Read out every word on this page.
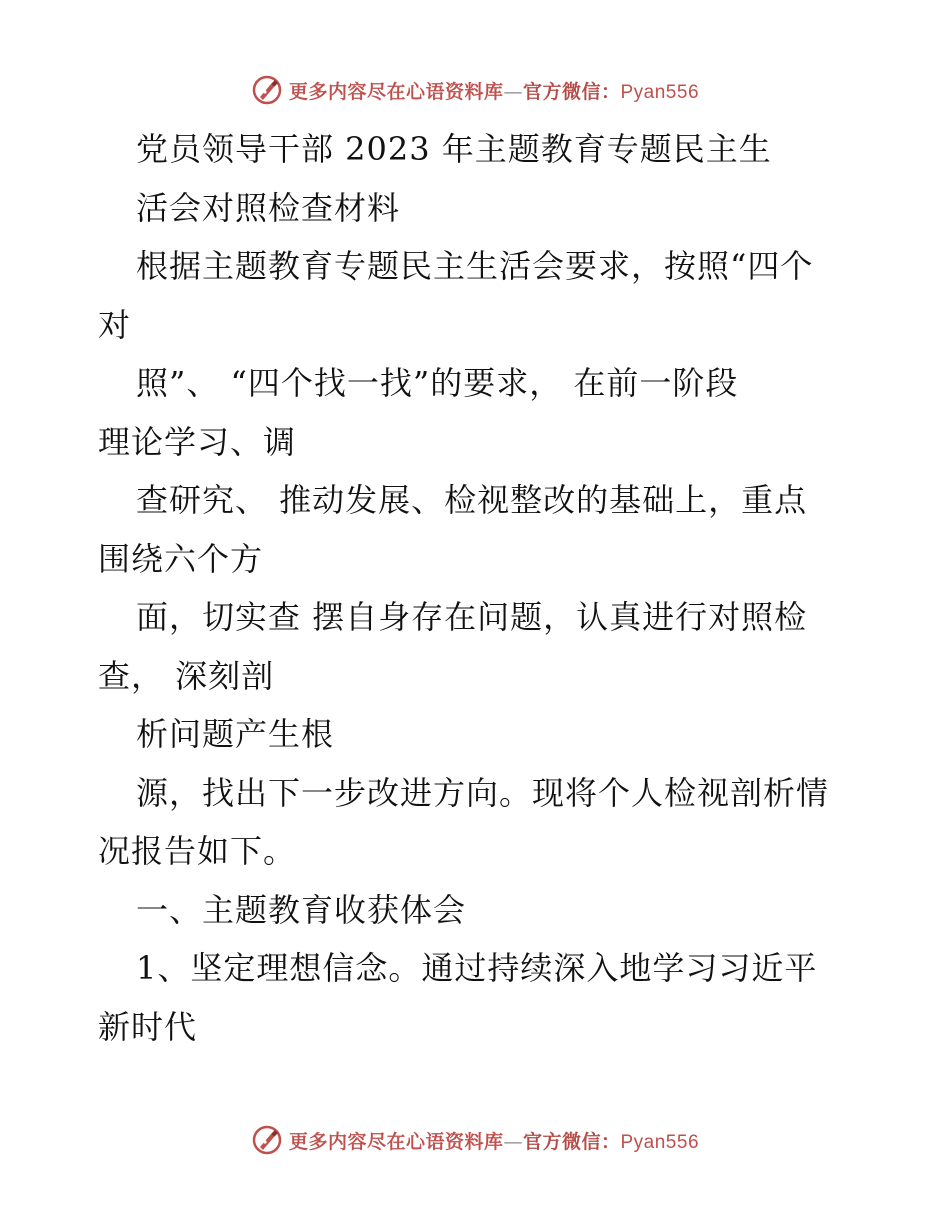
更多内容尽在心语资料库—官方微信：Pyan556
党员领导干部 2023 年主题教育专题民主生
活会对照检查材料
根据主题教育专题民主生活会要求，按照“四个
对
照”、 “四个找一找”的要求， 在前一阶段
理论学习、调
查研究、 推动发展、检视整改的基础上，重点
围绕六个方
面，切实查 摆自身存在问题，认真进行对照检
查， 深刻剖
析问题产生根
源，找出下一步改进方向。现将个人检视剖析情
况报告如下。
一、主题教育收获体会
1、坚定理想信念。通过持续深入地学习习近平
新时代
更多内容尽在心语资料库—官方微信：Pyan556
